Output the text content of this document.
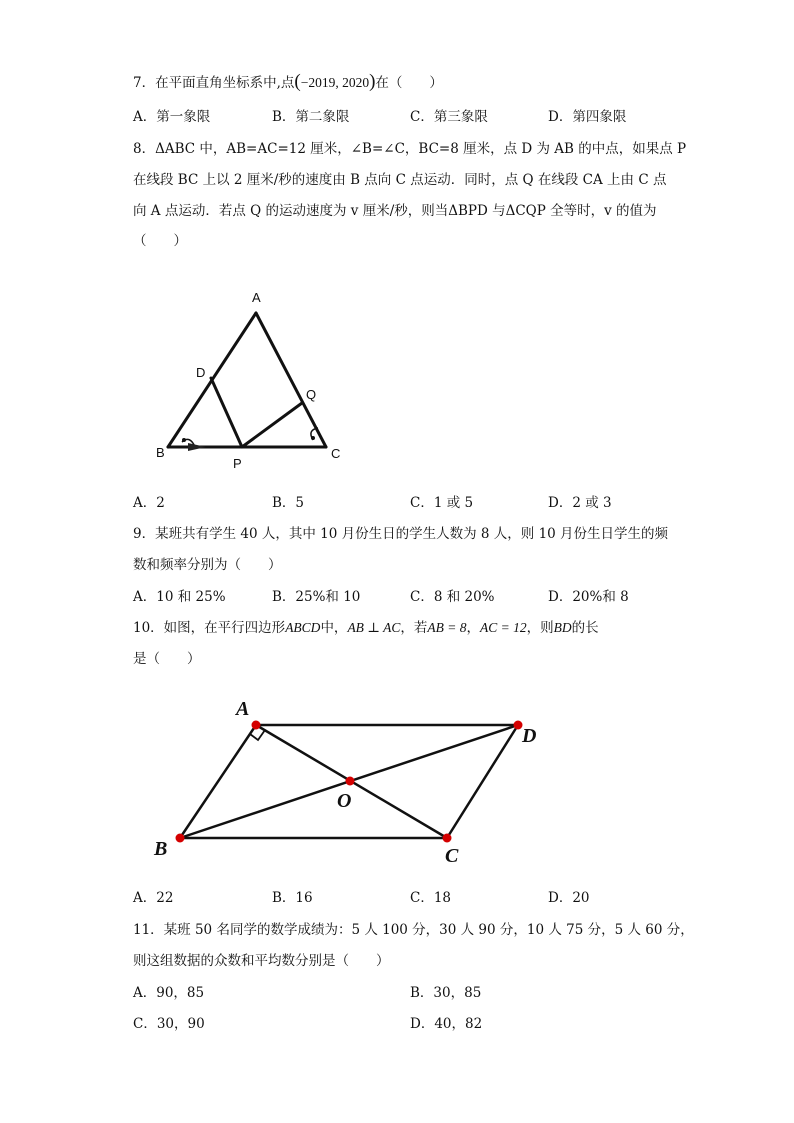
7．在平面直角坐标系中,点(−2019, 2020)在（　　）
A．第一象限	B．第二象限	C．第三象限	D．第四象限
8．ΔABC 中，AB=AC=12 厘米，∠B=∠C，BC=8 厘米，点 D 为 AB 的中点，如果点 P
在线段 BC 上以 2 厘米/秒的速度由 B 点向 C 点运动．同时，点 Q 在线段 CA 上由 C 点
向 A 点运动．若点 Q 的运动速度为 v 厘米/秒，则当ΔBPD 与ΔCQP 全等时，v 的值为
（　　）
A
D
Q
B
P
C
A．2	B．5	C．1 或 5	D．2 或 3
9．某班共有学生 40 人，其中 10 月份生日的学生人数为 8 人，则 10 月份生日学生的频
数和频率分别为（　　）
A．10 和 25%	B．25%和 10	C．8 和 20%	D．20%和 8
10．如图，在平行四边形ABCD中，AB ⊥ AC，若AB = 8，AC = 12，则BD的长
是（　　）
A
D
O
B	C
A．22	B．16	C．18	D．20
11．某班 50 名同学的数学成绩为：5 人 100 分，30 人 90 分，10 人 75 分，5 人 60 分，
则这组数据的众数和平均数分别是（　　）
A．90，85	B．30，85
C．30，90	D．40，82
